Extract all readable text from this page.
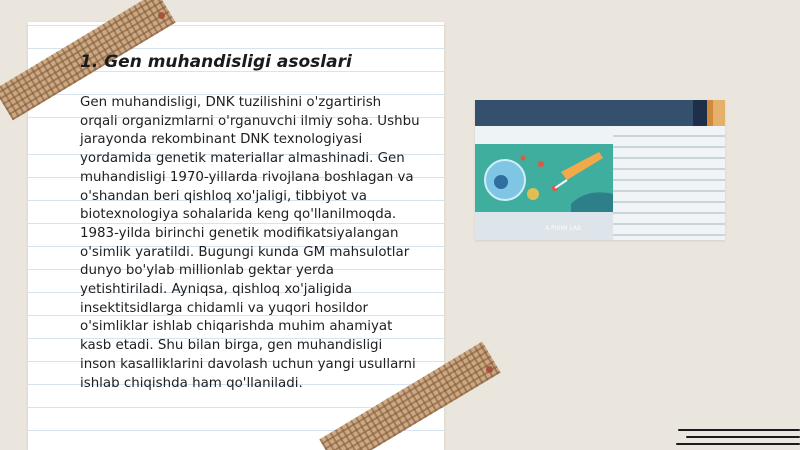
1. Gen muhandisligi asoslari

Gen muhandisligi, DNK tuzilishini o'zgartirish orqali organizmlarni o'rganuvchi ilmiy soha. Ushbu jarayonda rekombinant DNK texnologiyasi yordamida genetik materiallar almashinadi. Gen muhandisligi 1970-yillarda rivojlana boshlagan va o'shandan beri qishloq xo'jaligi, tibbiyot va biotexnologiya sohalarida keng qo'llanilmoqda. 1983-yilda birinchi genetik modifikatsiyalangan o'simlik yaratildi. Bugungi kunda GM mahsulotlar dunyo bo'ylab millionlab gektar yerda yetishtiriladi. Ayniqsa, qishloq xo'jaligida insektitsidlarga chidamli va yuqori hosildor o'simliklar ishlab chiqarishda muhim ahamiyat kasb etadi. Shu bilan birga, gen muhandisligi inson kasalliklarini davolash uchun yangi usullarni ishlab chiqishda ham qo'llaniladi.

A PIXIM LAB
